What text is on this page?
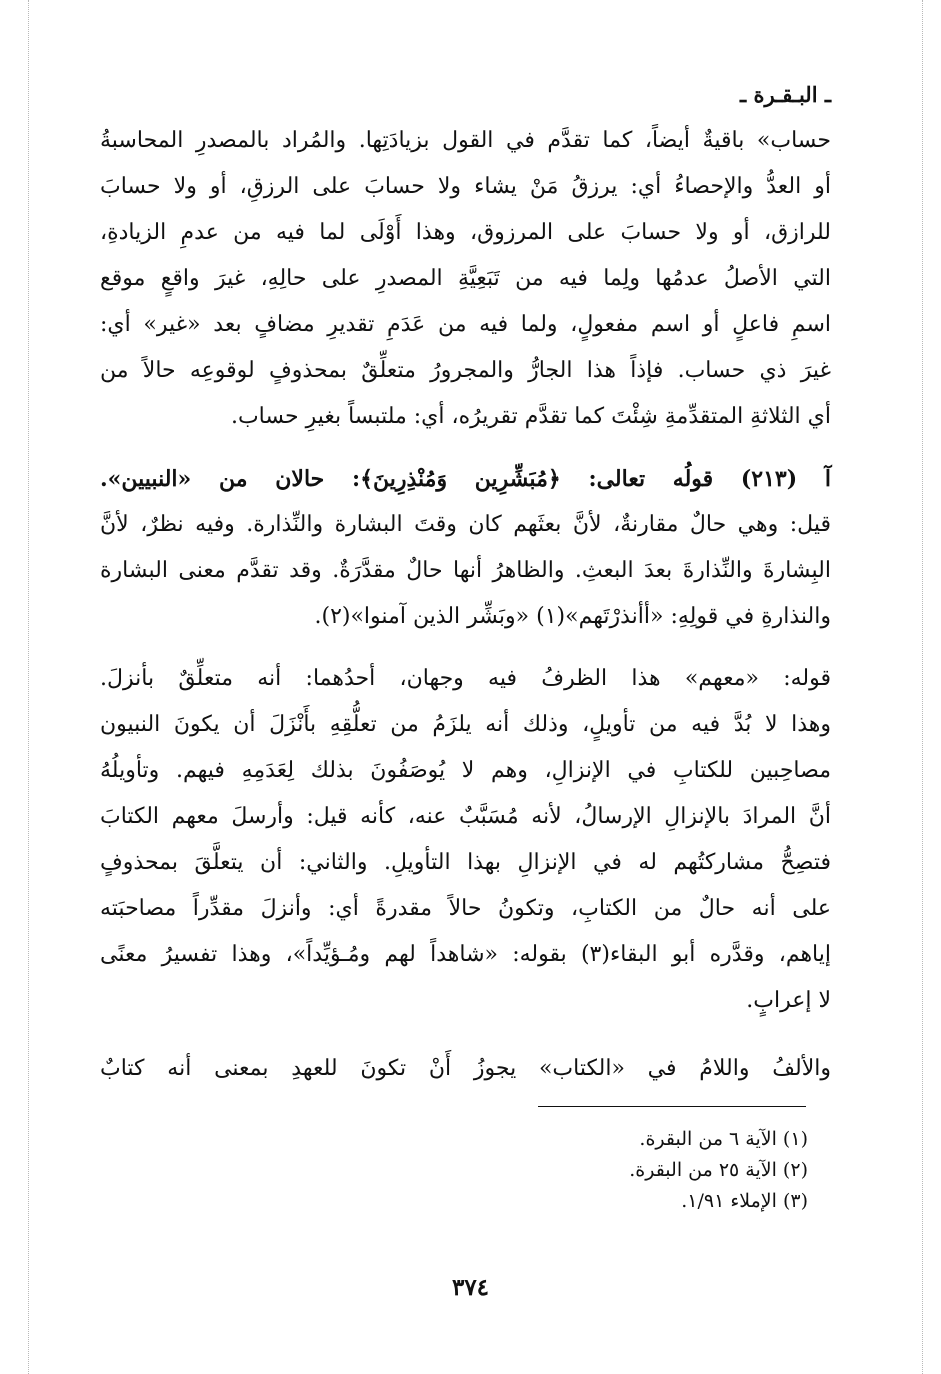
ـ البـقـرة ـ

حساب» باقيةٌ أيضاً، كما تقدَّم في القول بزيادَتِها. والمُراد بالمصدرِ المحاسبةُ

أو العدُّ والإحصاءُ أي: يرزقُ مَنْ يشاء ولا حسابَ على الرزقِ، أو ولا حسابَ

للرازق، أو ولا حسابَ على المرزوق، وهذا أَوْلَى لما فيه من عدمِ الزيادةِ،

التي الأصلُ عدمُها ولِما فيه من تَبَعِيَّةِ المصدرِ على حالِهِ، غيرَ واقعٍ موقع

اسمِ فاعلٍ أو اسم مفعولٍ، ولما فيه من عَدَمِ تقديرِ مضافٍ بعد «غير» أي:

غيرَ ذي حساب. فإذاً هذا الجارُّ والمجرورُ متعلِّقٌ بمحذوفٍ لوقوعِه حالاً من

أي الثلاثةِ المتقدِّمةِ شِئْتَ كما تقدَّم تقريرُه، أي: ملتبساً بغيرِ حساب.

آ (٢١٣) قولُه تعالى: ﴿مُبَشِّرِين وَمُنْذِرِينَ﴾: حالان من «النبيين».

قيل: وهي حالٌ مقارنةٌ، لأنَّ بعثَهم كان وقتَ البشارة والنِّذارة. وفيه نظرٌ، لأنَّ

البِشارةَ والنِّذارةَ بعدَ البعثِ. والظاهرُ أنها حالٌ مقدَّرَةٌ. وقد تقدَّم معنى البشارة

والنذارةِ في قولِهِ: «أأنذرْتَهم»(١) «وبَشِّر الذين آمنوا»(٢).

قوله: «معهم» هذا الظرفُ فيه وجهان، أحدُهما: أنه متعلِّقٌ بأنزلَ.

وهذا لا بُدَّ فيه من تأويلٍ، وذلك أنه يلزَمُ من تعلُّقِهِ بأَنْزَلَ أن يكونَ النبيون

مصاحِبين للكتابِ في الإنزالِ، وهم لا يُوصَفُونَ بذلك لِعَدَمِهِ فيهم. وتأويلُهُ

أنَّ المرادَ بالإنزالِ الإرسالُ، لأنه مُسَبَّبٌ عنه، كأنه قيل: وأرسلَ معهم الكتابَ

فتصِحُّ مشاركتُهم له في الإنزالِ بهذا التأويلِ. والثاني: أن يتعلَّقَ بمحذوفٍ

على أنه حالٌ من الكتابِ، وتكونُ حالاً مقدرةً أي: وأنزلَ مقدِّراً مصاحبَته

إياهم، وقدَّره أبو البقاء(٣) بقوله: «شاهداً لهم ومُـؤيِّداً»، وهذا تفسيرُ معنًى

لا إعرابٍ.

والألفُ واللامُ في «الكتاب» يجوزُ أَنْ تكونَ للعهدِ بمعنى أنه كتابٌ

(١) الآية ٦ من البقرة.
(٢) الآية ٢٥ من البقرة.
(٣) الإملاء ١/٩١.
٣٧٤
